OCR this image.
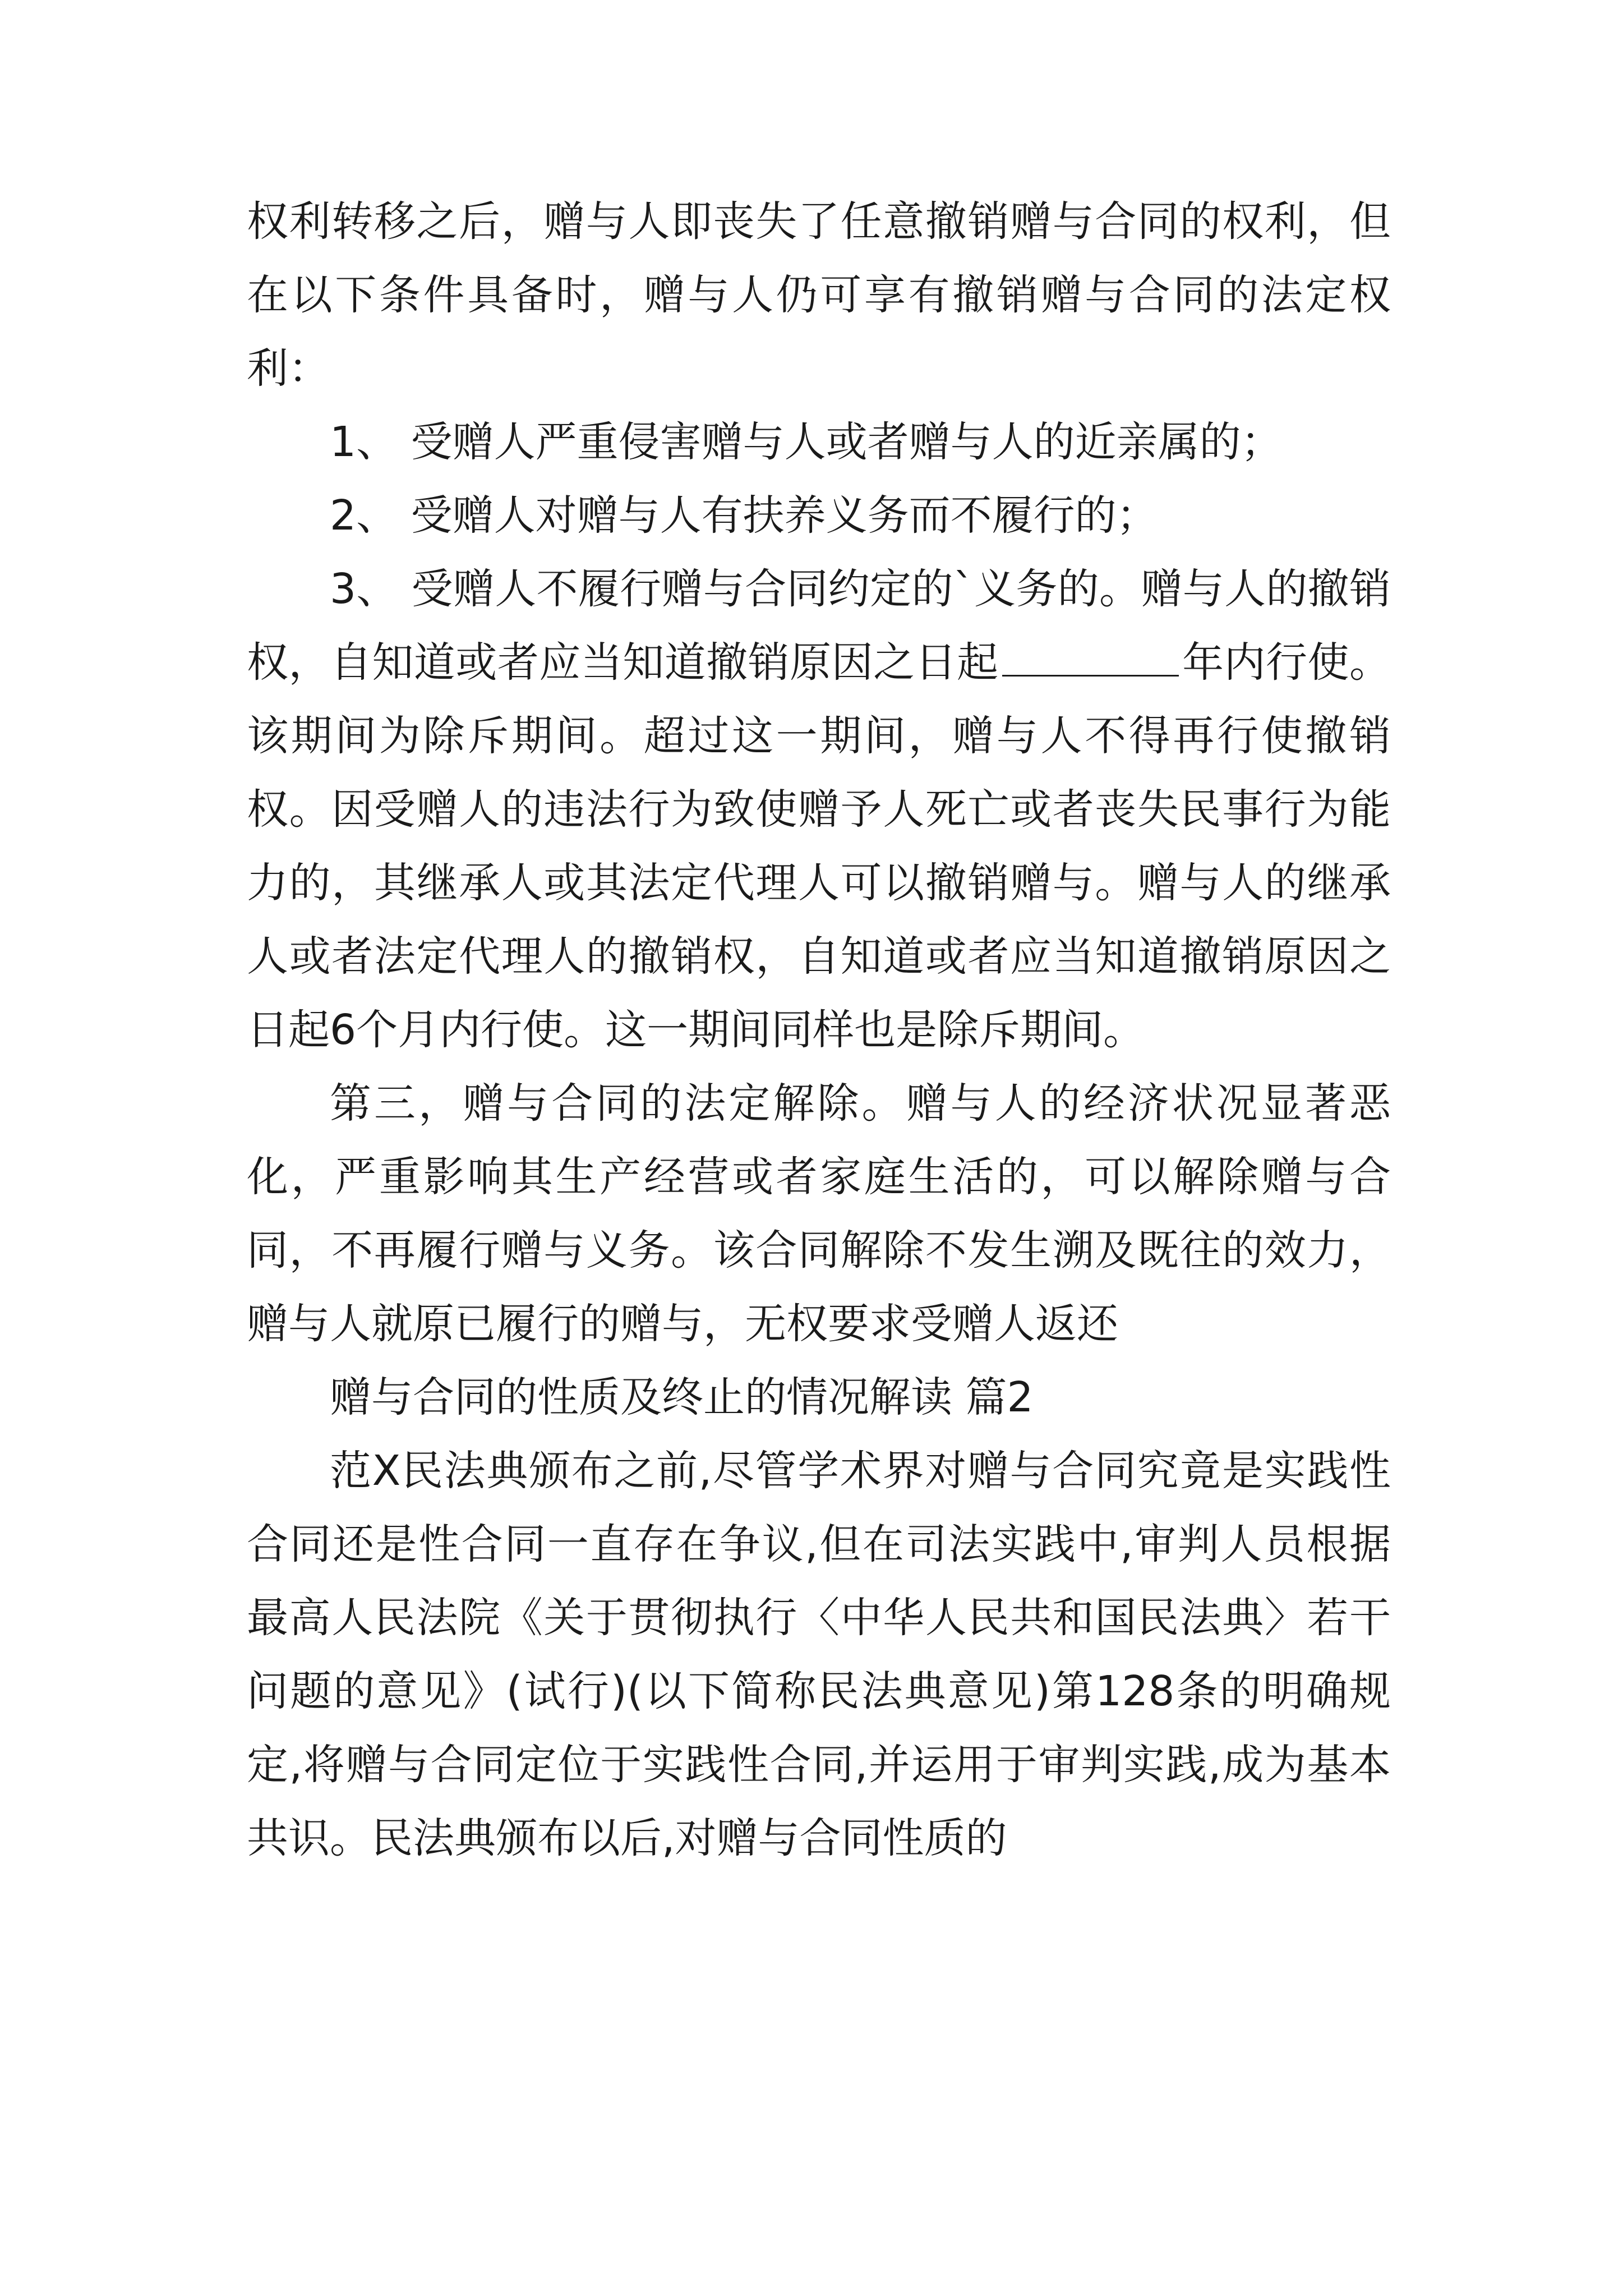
权利转移之后，赠与人即丧失了任意撤销赠与合同的权利，但在以下条件具备时，赠与人仍可享有撤销赠与合同的法定权利：

1、 受赠人严重侵害赠与人或者赠与人的近亲属的；

2、 受赠人对赠与人有扶养义务而不履行的；

3、 受赠人不履行赠与合同约定的`义务的。赠与人的撤销权，自知道或者应当知道撤销原因之日起	年内行使。该期间为除斥期间。超过这一期间，赠与人不得再行使撤销权。因受赠人的违法行为致使赠予人死亡或者丧失民事行为能力的，其继承人或其法定代理人可以撤销赠与。赠与人的继承人或者法定代理人的撤销权，自知道或者应当知道撤销原因之日起6个月内行使。这一期间同样也是除斥期间。

第三，赠与合同的法定解除。赠与人的经济状况显著恶化，严重影响其生产经营或者家庭生活的，可以解除赠与合同，不再履行赠与义务。该合同解除不发生溯及既往的效力，赠与人就原已履行的赠与，无权要求受赠人返还

赠与合同的性质及终止的情况解读 篇2

范X民法典颁布之前,尽管学术界对赠与合同究竟是实践性合同还是性合同一直存在争议,但在司法实践中,审判人员根据最高人民法院《关于贯彻执行〈中华人民共和国民法典〉若干问题的意见》(试行)(以下简称民法典意见)第128条的明确规定,将赠与合同定位于实践性合同,并运用于审判实践,成为基本共识。民法典颁布以后,对赠与合同性质的
